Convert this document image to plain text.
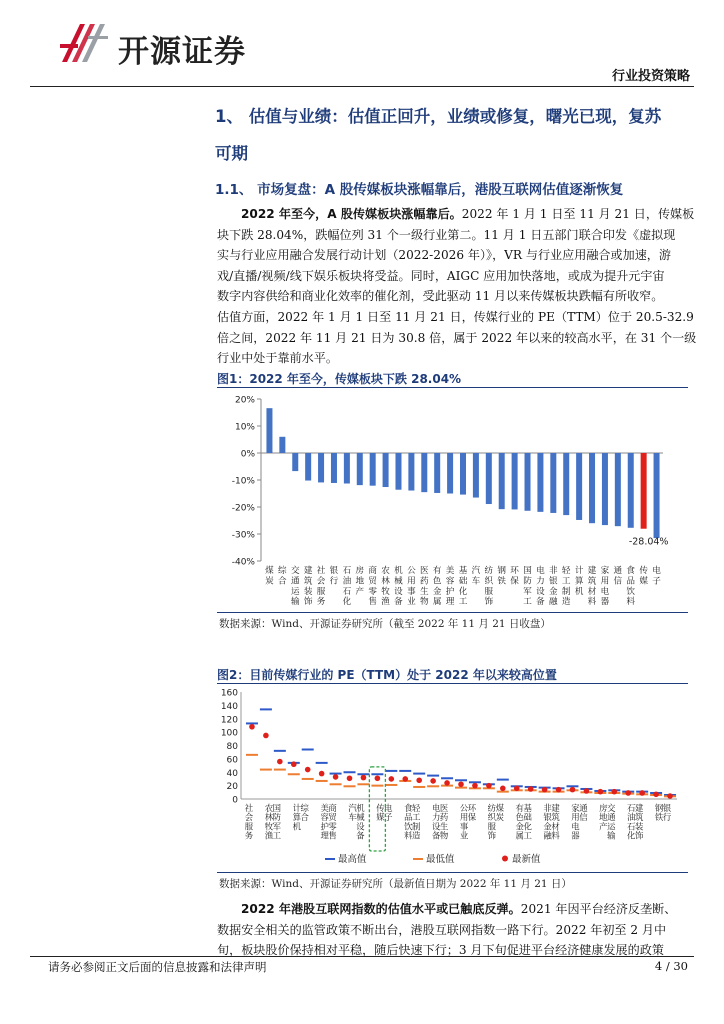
开源证券
行业投资策略
1、 估值与业绩：估值正回升，业绩或修复，曙光已现，复苏
可期
1.1、 市场复盘：A 股传媒板块涨幅靠后，港股互联网估值逐渐恢复

2022 年至今，A 股传媒板块涨幅靠后。2022 年 1 月 1 日至 11 月 21 日，传媒板

块下跌 28.04%，跌幅位列 31 个一级行业第二。11 月 1 日五部门联合印发《虚拟现

实与行业应用融合发展行动计划（2022-2026 年）》，VR 与行业应用融合或加速，游

戏/直播/视频/线下娱乐板块将受益。同时，AIGC 应用加快落地，或成为提升元宇宙

数字内容供给和商业化效率的催化剂，受此驱动 11 月以来传媒板块跌幅有所收窄。

估值方面，2022 年 1 月 1 日至 11 月 21 日，传媒行业的 PE（TTM）位于 20.5-32.9

倍之间，2022 年 11 月 21 日为 30.8 倍，属于 2022 年以来的较高水平，在 31 个一级

行业中处于靠前水平。

图1：2022 年至今，传媒板块下跌 28.04%
20%
10%
0%
-10%
-20%
-30%
-40%
煤
炭
综
合
交
通
运
输
建
筑
装
饰
社
会
服
务
银
行
石
油
石
化
房
地
产
商
贸
零
售
农
林
牧
渔
机
械
设
备
公
用
事
业
医
药
生
物
有
色
金
属
美
容
护
理
基
础
化
工
汽
车
纺
织
服
饰
钢
铁
环
保
国
防
军
工
电
力
设
备
非
银
金
融
轻
工
制
造
计
算
机
建
筑
材
料
家
用
电
器
通
信
食
品
饮
料
传
媒
电
子
-28.04%
数据来源：Wind、开源证券研究所（截至 2022 年 11 月 21 日收盘）
图2：目前传媒行业的 PE（TTM）处于 2022 年以来较高位置
160
140
120
100
80
60
40
20
0
社
会
服
务
农
林
牧
渔
国
防
军
工
计
算
机
综
合
美
容
护
理
商
贸
零
售
汽
车
机
械
设
备
传
媒
电
子
食
品
饮
料
轻
工
制
造
电
力
设
备
医
药
生
物
公
用
事
业
环
保
纺
织
服
饰
煤
炭
有
色
金
属
基
础
化
工
非
银
金
融
建
筑
材
料
家
用
电
器
通
信
房
地
产
交
通
运
输
石
油
石
化
建
筑
装
饰
钢
铁
银
行
最高值	最低值	最新值
数据来源：Wind、开源证券研究所（最新值日期为 2022 年 11 月 21 日）

2022 年港股互联网指数的估值水平或已触底反弹。2021 年因平台经济反垄断、

数据安全相关的监管政策不断出台，港股互联网指数一路下行。2022 年初至 2 月中

旬，板块股价保持相对平稳，随后快速下行；3 月下旬促进平台经济健康发展的政策

请务必参阅正文后面的信息披露和法律声明	4 / 30
